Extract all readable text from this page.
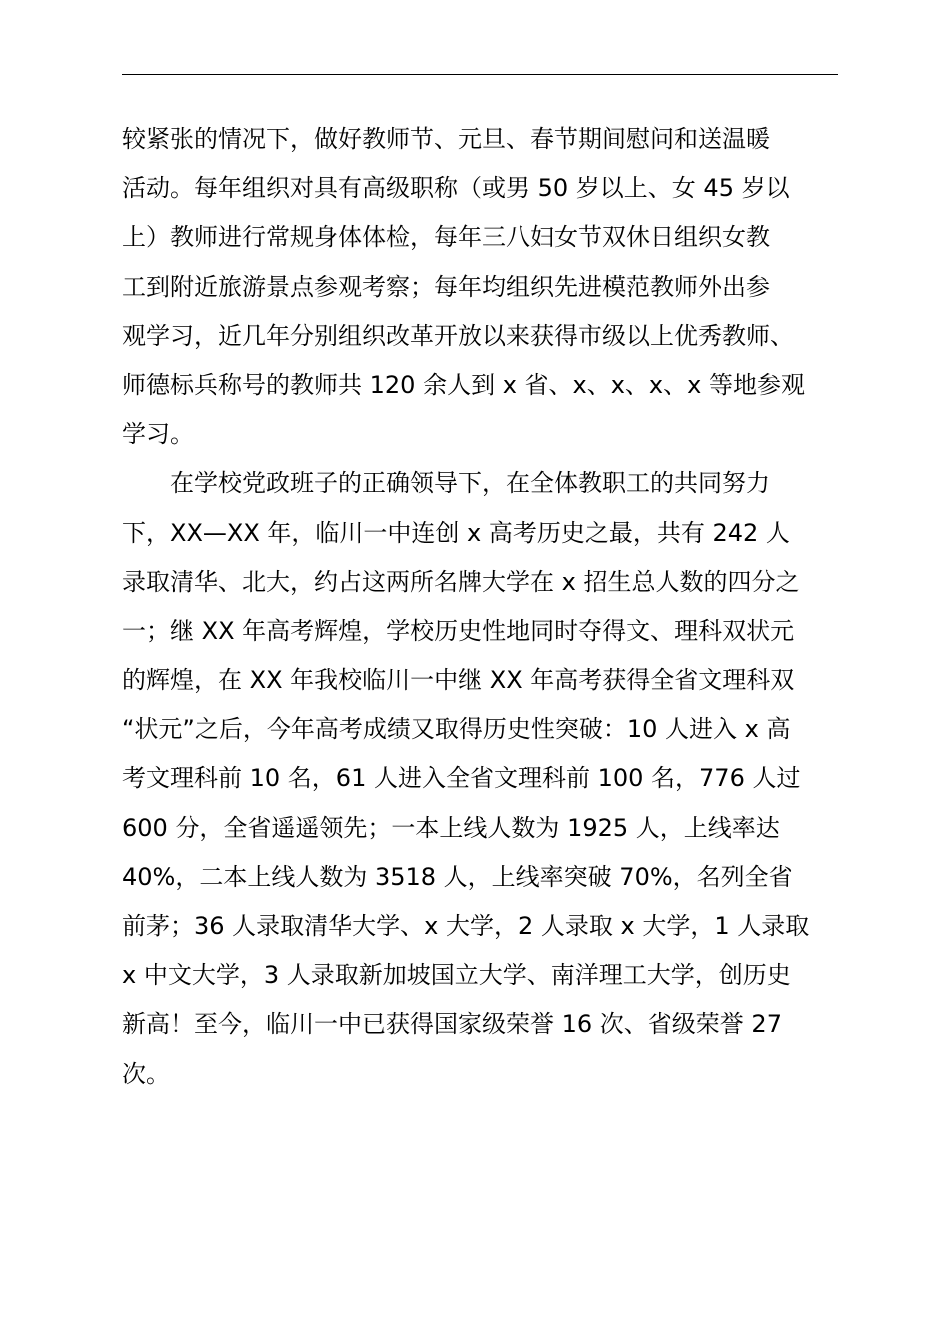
较紧张的情况下，做好教师节、元旦、春节期间慰问和送温暖
活动。每年组织对具有高级职称（或男 50 岁以上、女 45 岁以
上）教师进行常规身体体检，每年三八妇女节双休日组织女教
工到附近旅游景点参观考察；每年均组织先进模范教师外出参
观学习，近几年分别组织改革开放以来获得市级以上优秀教师、
师德标兵称号的教师共 120 余人到 x 省、x、x、x、x 等地参观
学习。
在学校党政班子的正确领导下，在全体教职工的共同努力
下，XX—XX 年，临川一中连创 x 高考历史之最，共有 242 人
录取清华、北大，约占这两所名牌大学在 x 招生总人数的四分之
一；继 XX 年高考辉煌，学校历史性地同时夺得文、理科双状元
的辉煌，在 XX 年我校临川一中继 XX 年高考获得全省文理科双
“状元”之后，今年高考成绩又取得历史性突破：10 人进入 x 高
考文理科前 10 名，61 人进入全省文理科前 100 名，776 人过
600 分，全省遥遥领先；一本上线人数为 1925 人，上线率达
40%，二本上线人数为 3518 人，上线率突破 70%，名列全省
前茅；36 人录取清华大学、x 大学，2 人录取 x 大学，1 人录取
x 中文大学，3 人录取新加坡国立大学、南洋理工大学，创历史
新高！至今，临川一中已获得国家级荣誉 16 次、省级荣誉 27
次。
